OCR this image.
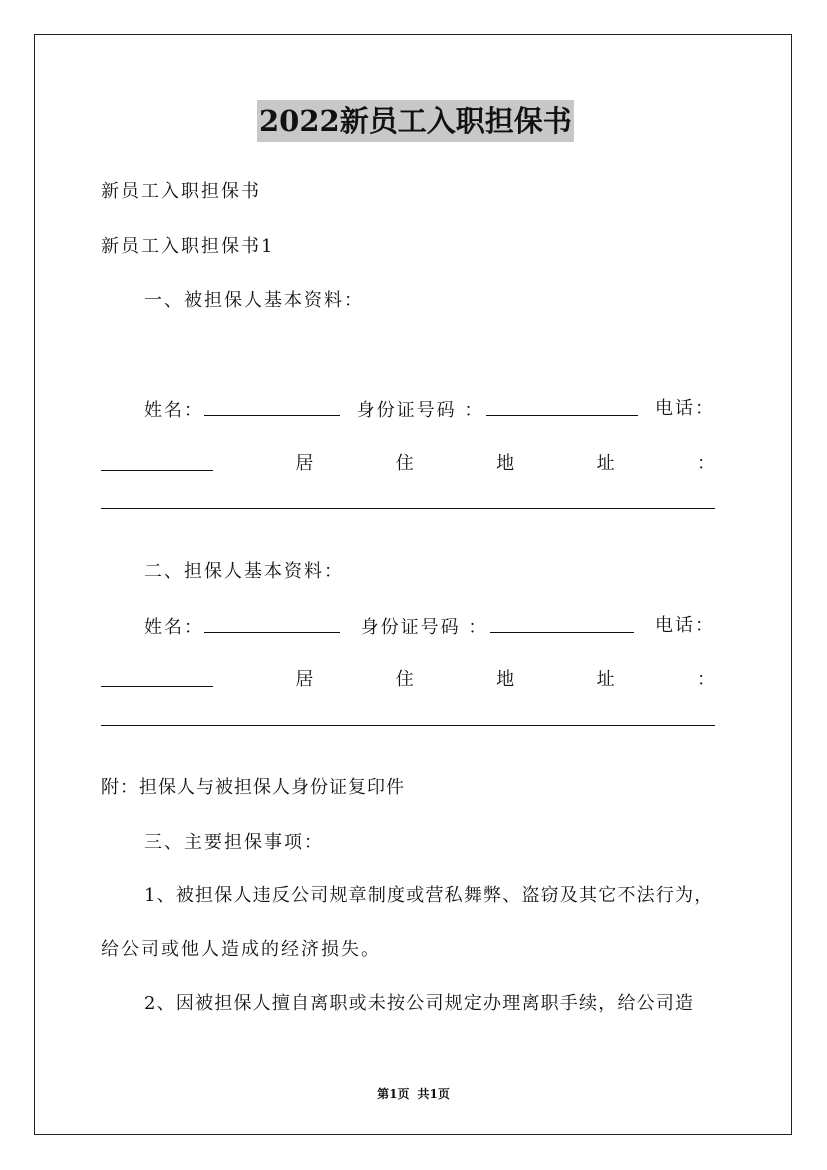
2022新员工入职担保书
新员工入职担保书
新员工入职担保书1
一、被担保人基本资料：
姓名：	身份证号码 ：	电话：
居	住	地	址	：
二、担保人基本资料：
姓名：	身份证号码 ：	电话：
居	住	地	址	：
附：担保人与被担保人身份证复印件
三、主要担保事项：
1、被担保人违反公司规章制度或营私舞弊、盗窃及其它不法行为，
给公司或他人造成的经济损失。
2、因被担保人擅自离职或未按公司规定办理离职手续，给公司造
第1页 共1页
